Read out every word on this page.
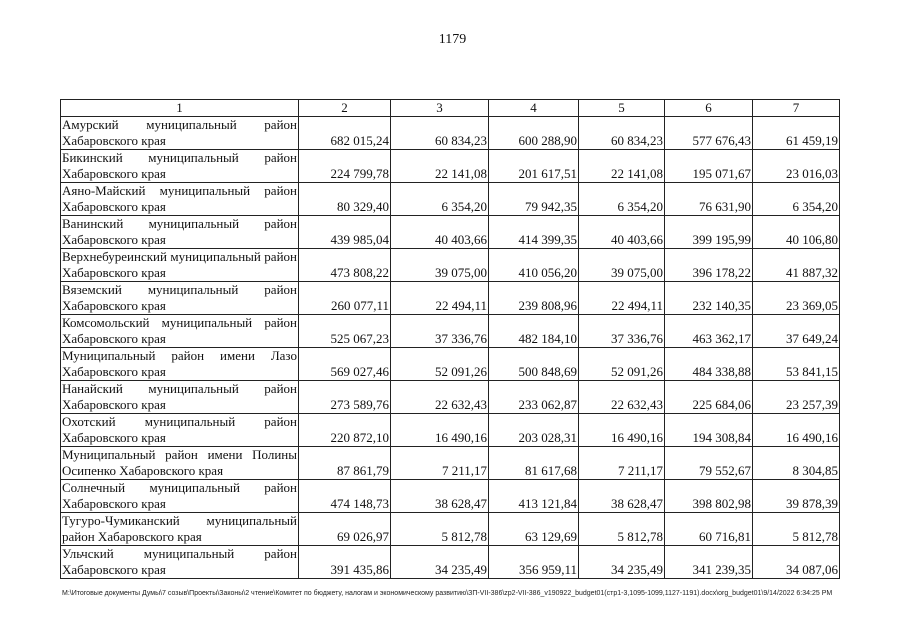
1179
1	2	3	4	5	6	7
Амурский муниципальный район Хабаровского края	682 015,24	60 834,23	600 288,90	60 834,23	577 676,43	61 459,19
Бикинский муниципальный район Хабаровского края	224 799,78	22 141,08	201 617,51	22 141,08	195 071,67	23 016,03
Аяно-Майский муниципальный район Хабаровского края	80 329,40	6 354,20	79 942,35	6 354,20	76 631,90	6 354,20
Ванинский муниципальный район Хабаровского края	439 985,04	40 403,66	414 399,35	40 403,66	399 195,99	40 106,80
Верхнебуреинский муниципальный район Хабаровского края	473 808,22	39 075,00	410 056,20	39 075,00	396 178,22	41 887,32
Вяземский муниципальный район Хабаровского края	260 077,11	22 494,11	239 808,96	22 494,11	232 140,35	23 369,05
Комсомольский муниципальный район Хабаровского края	525 067,23	37 336,76	482 184,10	37 336,76	463 362,17	37 649,24
Муниципальный район имени Лазо Хабаровского края	569 027,46	52 091,26	500 848,69	52 091,26	484 338,88	53 841,15
Нанайский муниципальный район Хабаровского края	273 589,76	22 632,43	233 062,87	22 632,43	225 684,06	23 257,39
Охотский муниципальный район Хабаровского края	220 872,10	16 490,16	203 028,31	16 490,16	194 308,84	16 490,16
Муниципальный район имени Полины Осипенко Хабаровского края	87 861,79	7 211,17	81 617,68	7 211,17	79 552,67	8 304,85
Солнечный муниципальный район Хабаровского края	474 148,73	38 628,47	413 121,84	38 628,47	398 802,98	39 878,39
Тугуро-Чумиканский муниципальный район Хабаровского края	69 026,97	5 812,78	63 129,69	5 812,78	60 716,81	5 812,78
Ульчский муниципальный район Хабаровского края	391 435,86	34 235,49	356 959,11	34 235,49	341 239,35	34 087,06
M:\Итоговые документы Думы\7 созыв\Проекты\Законы\2 чтение\Комитет по бюджету, налогам и экономическому развитию\ЗП-VII-386\zp2-VII-386_v190922_budget01(стр1-3,1095-1099,1127-1191).docx\org_budget01\9/14/2022 6:34:25 PM
